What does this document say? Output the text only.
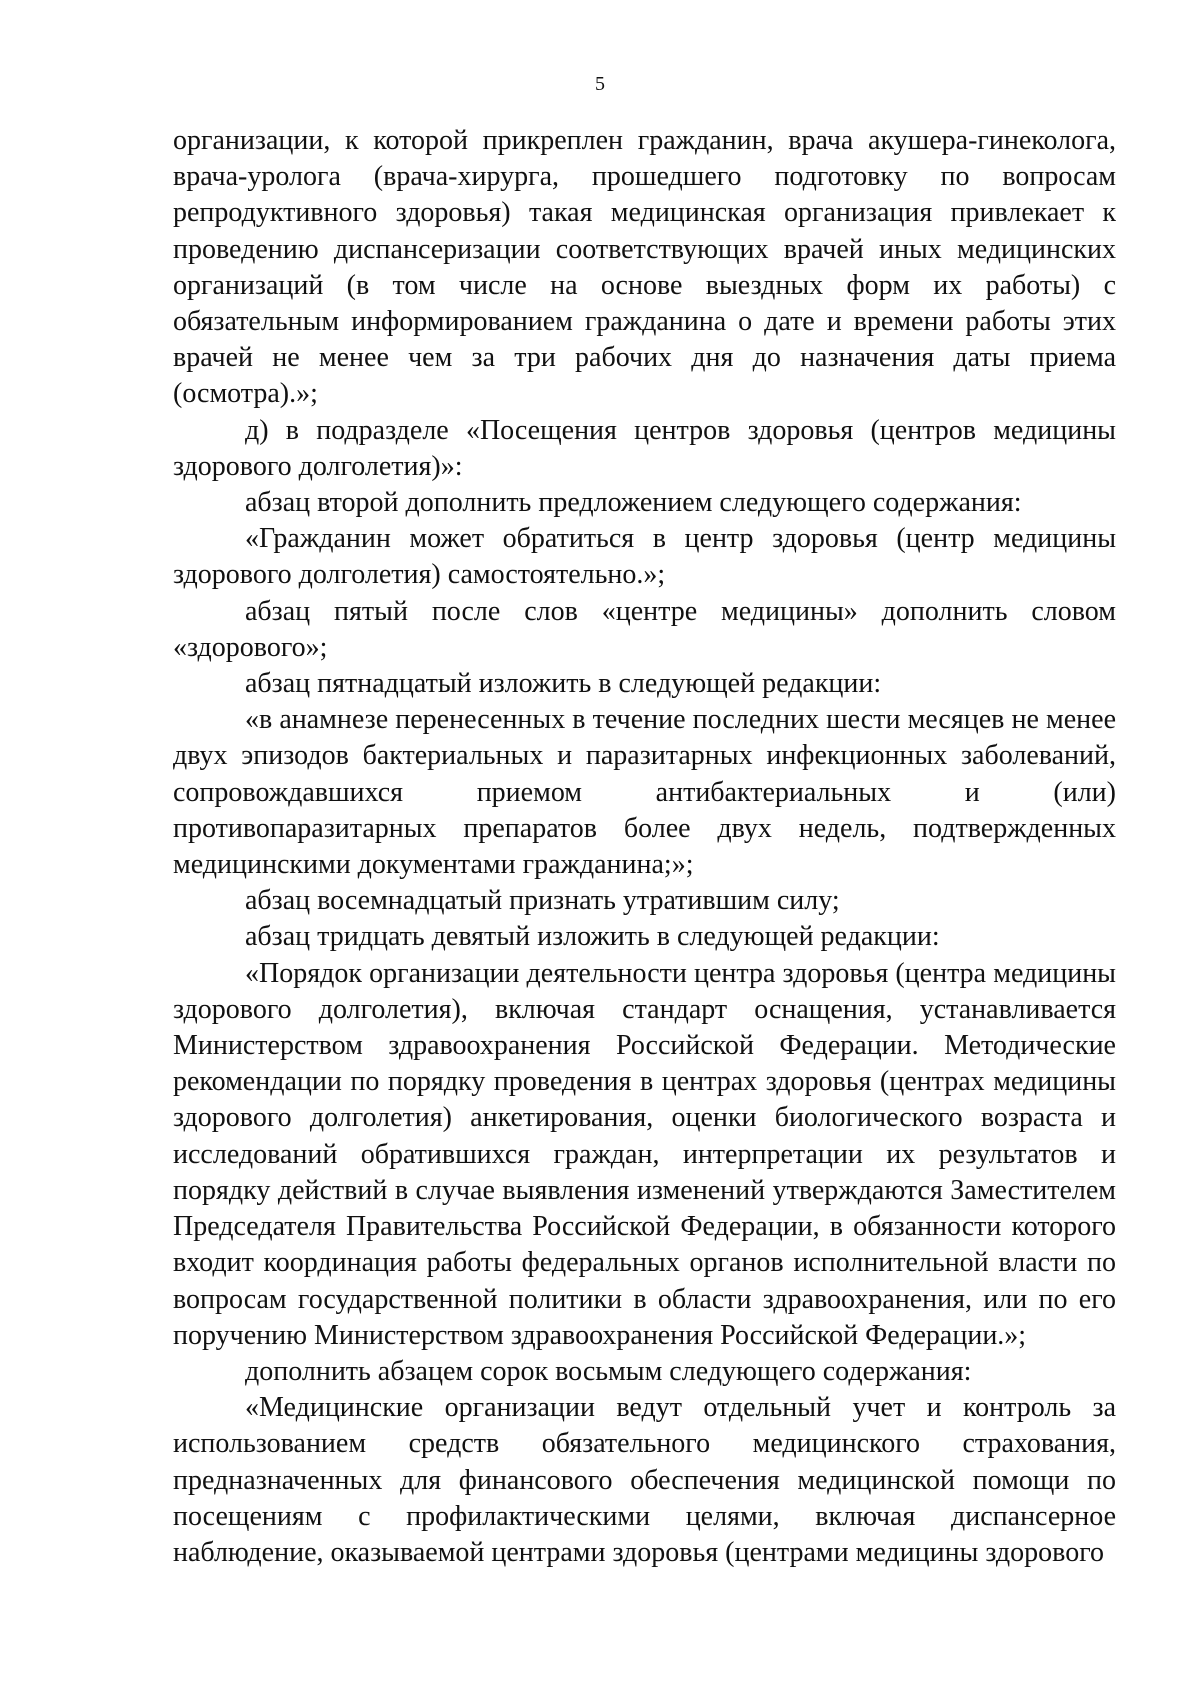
5

организации, к которой прикреплен гражданин, врача акушера-гинеколога, врача-уролога (врача-хирурга, прошедшего подготовку по вопросам репродуктивного здоровья) такая медицинская организация привлекает к проведению диспансеризации соответствующих врачей иных медицинских организаций (в том числе на основе выездных форм их работы) с обязательным информированием гражданина о дате и времени работы этих врачей не менее чем за три рабочих дня до назначения даты приема (осмотра).»;

д) в подразделе «Посещения центров здоровья (центров медицины здорового долголетия)»:

абзац второй дополнить предложением следующего содержания:

«Гражданин может обратиться в центр здоровья (центр медицины здорового долголетия) самостоятельно.»;

абзац пятый после слов «центре медицины» дополнить словом «здорового»;

абзац пятнадцатый изложить в следующей редакции:

«в анамнезе перенесенных в течение последних шести месяцев не менее двух эпизодов бактериальных и паразитарных инфекционных заболеваний, сопровождавшихся приемом антибактериальных и (или) противопаразитарных препаратов более двух недель, подтвержденных медицинскими документами гражданина;»;

абзац восемнадцатый признать утратившим силу;

абзац тридцать девятый изложить в следующей редакции:

«Порядок организации деятельности центра здоровья (центра медицины здорового долголетия), включая стандарт оснащения, устанавливается Министерством здравоохранения Российской Федерации. Методические рекомендации по порядку проведения в центрах здоровья (центрах медицины здорового долголетия) анкетирования, оценки биологического возраста и исследований обратившихся граждан, интерпретации их результатов и порядку действий в случае выявления изменений утверждаются Заместителем Председателя Правительства Российской Федерации, в обязанности которого входит координация работы федеральных органов исполнительной власти по вопросам государственной политики в области здравоохранения, или по его поручению Министерством здравоохранения Российской Федерации.»;

дополнить абзацем сорок восьмым следующего содержания:

«Медицинские организации ведут отдельный учет и контроль за использованием средств обязательного медицинского страхования, предназначенных для финансового обеспечения медицинской помощи по посещениям с профилактическими целями, включая диспансерное наблюдение, оказываемой центрами здоровья (центрами медицины здорового
